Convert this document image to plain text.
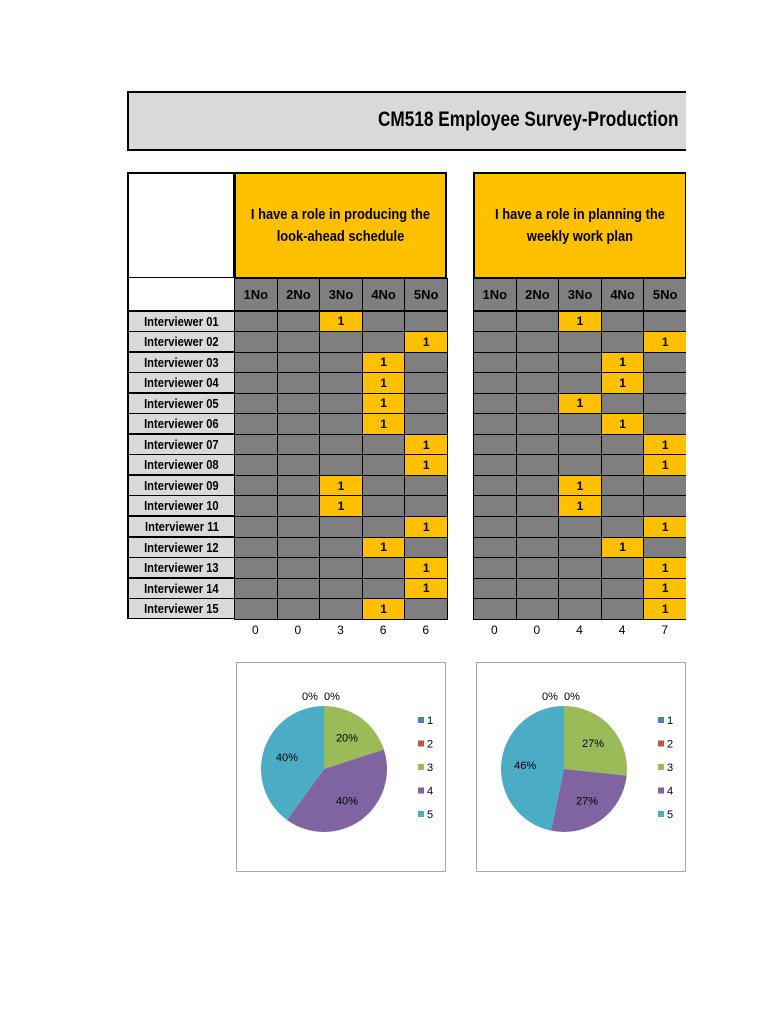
CM518 Employee Survey-Production
I have a role in producing the look-ahead schedule
I have a role in planning the weekly work plan
Interviewer 01
Interviewer 02
Interviewer 03
Interviewer 04
Interviewer 05
Interviewer 06
Interviewer 07
Interviewer 08
Interviewer 09
Interviewer 10
Interviewer 11
Interviewer 12
Interviewer 13
Interviewer 14
Interviewer 15
1No
0
2No
0
3No
3
4No
6
5No
6
1
1
1
1
1
1
1
1
1
1
1
1
1
1
1
1No
0
2No
0
3No
4
4No
4
5No
7
1
1
1
1
1
1
1
1
1
1
1
1
1
1
1
0% 0%
20%
40%
40%
1
2
3
4
5
0% 0%
27%
27%
46%
1
2
3
4
5
